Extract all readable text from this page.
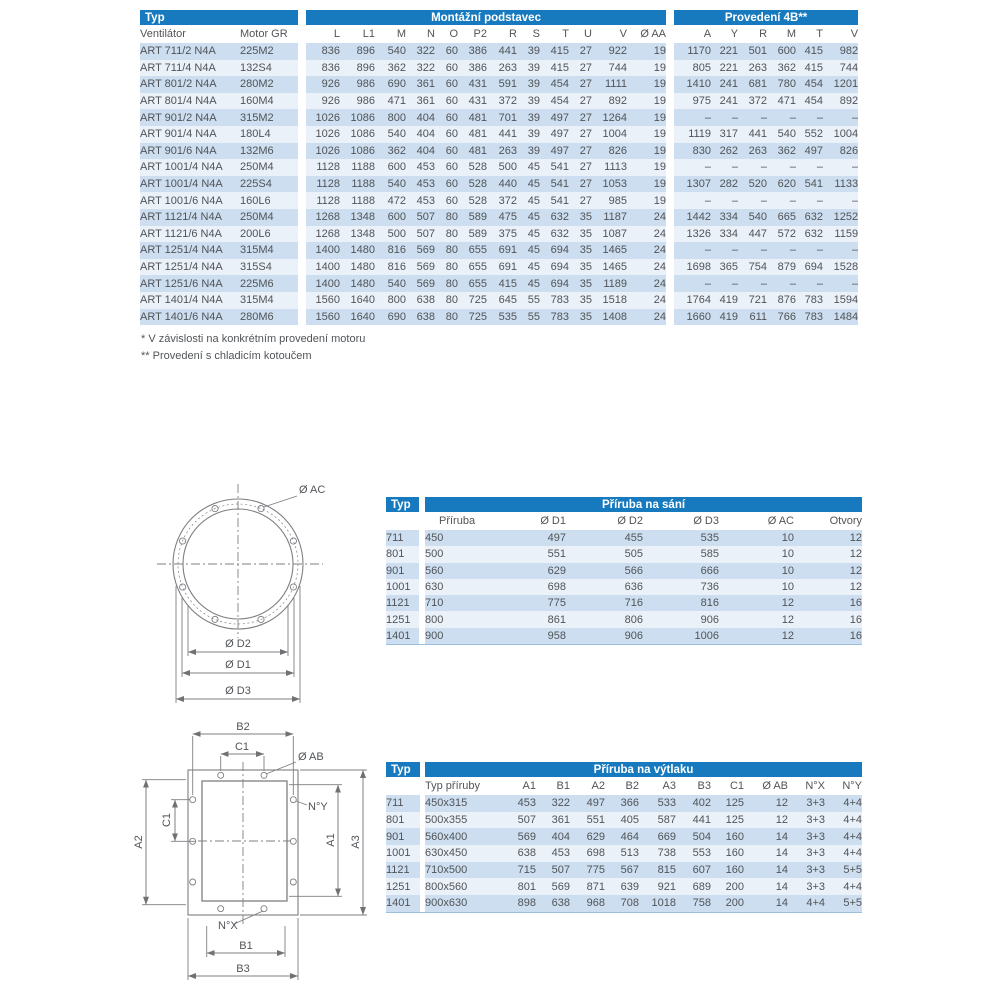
Typ			Montážní podstavec													Provedení 4B**					
Ventilátor	Motor GR		L	L1	M	N	O	P2	R	S	T	U	V	Ø AA		A	Y	R	M	T	V
ART 711/2 N4A	225M2		836	896	540	322	60	386	441	39	415	27	922	19		1170	221	501	600	415	982
ART 711/4 N4A	132S4		836	896	362	322	60	386	263	39	415	27	744	19		805	221	263	362	415	744
ART 801/2 N4A	280M2		926	986	690	361	60	431	591	39	454	27	1111	19		1410	241	681	780	454	1201
ART 801/4 N4A	160M4		926	986	471	361	60	431	372	39	454	27	892	19		975	241	372	471	454	892
ART 901/2 N4A	315M2		1026	1086	800	404	60	481	701	39	497	27	1264	19		–	–	–	–	–	–
ART 901/4 N4A	180L4		1026	1086	540	404	60	481	441	39	497	27	1004	19		1119	317	441	540	552	1004
ART 901/6 N4A	132M6		1026	1086	362	404	60	481	263	39	497	27	826	19		830	262	263	362	497	826
ART 1001/4 N4A	250M4		1128	1188	600	453	60	528	500	45	541	27	1113	19		–	–	–	–	–	–
ART 1001/4 N4A	225S4		1128	1188	540	453	60	528	440	45	541	27	1053	19		1307	282	520	620	541	1133
ART 1001/6 N4A	160L6		1128	1188	472	453	60	528	372	45	541	27	985	19		–	–	–	–	–	–
ART 1121/4 N4A	250M4		1268	1348	600	507	80	589	475	45	632	35	1187	24		1442	334	540	665	632	1252
ART 1121/6 N4A	200L6		1268	1348	500	507	80	589	375	45	632	35	1087	24		1326	334	447	572	632	1159
ART 1251/4 N4A	315M4		1400	1480	816	569	80	655	691	45	694	35	1465	24		–	–	–	–	–	–
ART 1251/4 N4A	315S4		1400	1480	816	569	80	655	691	45	694	35	1465	24		1698	365	754	879	694	1528
ART 1251/6 N4A	225M6		1400	1480	540	569	80	655	415	45	694	35	1189	24		–	–	–	–	–	–
ART 1401/4 N4A	315M4		1560	1640	800	638	80	725	645	55	783	35	1518	24		1764	419	721	876	783	1594
ART 1401/6 N4A	280M6		1560	1640	690	638	80	725	535	55	783	35	1408	24		1660	419	611	766	783	1484
* V závislosti na konkrétním provedení motoru
** Provedení s chladicím kotoučem
Ø AC
Ø D2
Ø D1
Ø D3
Typ		Příruba na sání					
		Příruba	Ø D1	Ø D2	Ø D3	Ø AC	Otvory
711		450	497	455	535	10	12
801		500	551	505	585	10	12
901		560	629	566	666	10	12
1001		630	698	636	736	10	12
1121		710	775	716	816	12	16
1251		800	861	806	906	12	16
1401		900	958	906	1006	12	16
B2
C1
Ø AB
N°Y
A2
C1
A1 A3
N°X
B1
B3
Typ		Příruba na výtlaku										
		Typ příruby	A1	B1	A2	B2	A3	B3	C1	Ø AB	N°X	N°Y
711		450x315	453	322	497	366	533	402	125	12	3+3	4+4
801		500x355	507	361	551	405	587	441	125	12	3+3	4+4
901		560x400	569	404	629	464	669	504	160	14	3+3	4+4
1001		630x450	638	453	698	513	738	553	160	14	3+3	4+4
1121		710x500	715	507	775	567	815	607	160	14	3+3	5+5
1251		800x560	801	569	871	639	921	689	200	14	3+3	4+4
1401		900x630	898	638	968	708	1018	758	200	14	4+4	5+5
